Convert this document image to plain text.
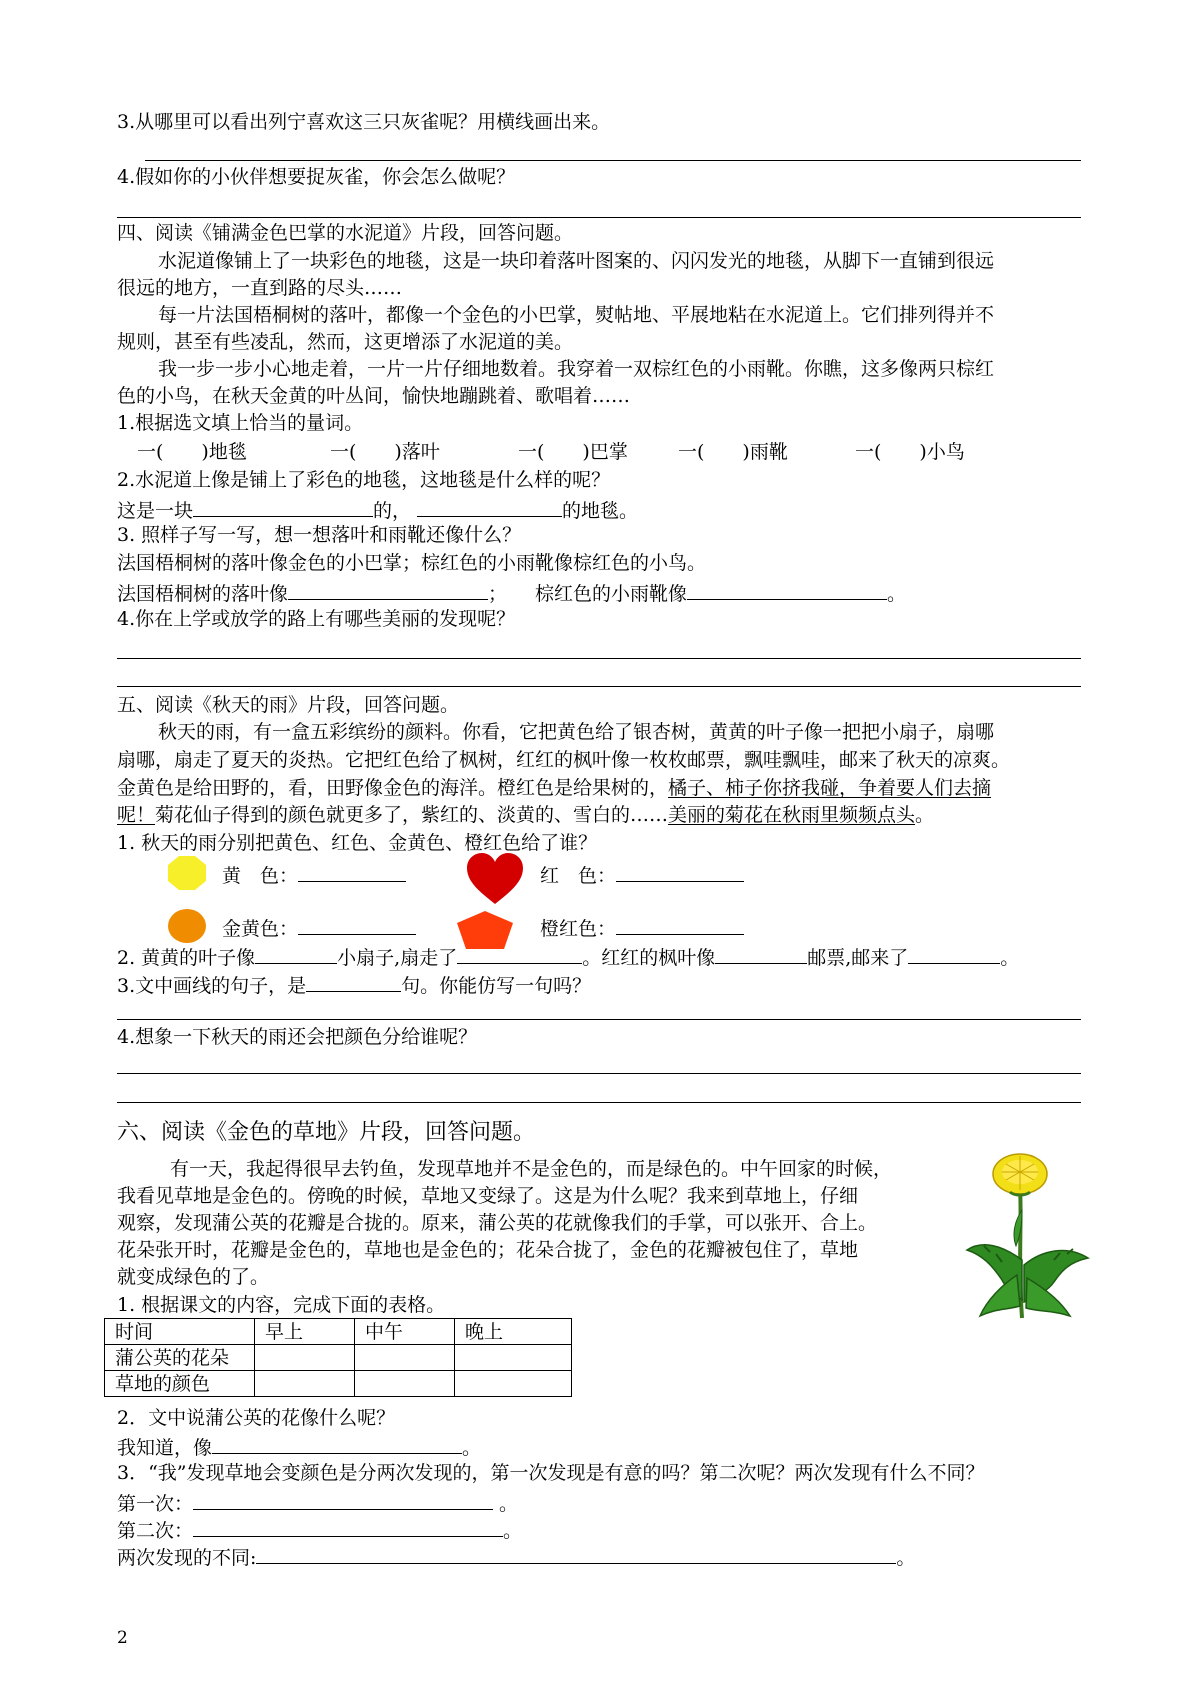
3.从哪里可以看出列宁喜欢这三只灰雀呢？用横线画出来。
4.假如你的小伙伴想要捉灰雀，你会怎么做呢？
四、阅读《铺满金色巴掌的水泥道》片段，回答问题。
水泥道像铺上了一块彩色的地毯，这是一块印着落叶图案的、闪闪发光的地毯，从脚下一直铺到很远
很远的地方，一直到路的尽头……
每一片法国梧桐树的落叶，都像一个金色的小巴掌，熨帖地、平展地粘在水泥道上。它们排列得并不
规则，甚至有些凌乱，然而，这更增添了水泥道的美。
我一步一步小心地走着，一片一片仔细地数着。我穿着一双棕红色的小雨靴。你瞧，这多像两只棕红
色的小鸟，在秋天金黄的叶丛间，愉快地蹦跳着、歌唱着……
1.根据选文填上恰当的量词。
一(　　)地毯	一(　　)落叶	一(　　)巴掌	一(　　)雨靴	一(　　)小鸟
2.水泥道上像是铺上了彩色的地毯，这地毯是什么样的呢？
这是一块	的，	的地毯。
3. 照样子写一写，想一想落叶和雨靴还像什么？
法国梧桐树的落叶像金色的小巴掌；棕红色的小雨靴像棕红色的小鸟。
法国梧桐树的落叶像	； 棕红色的小雨靴像	。
4.你在上学或放学的路上有哪些美丽的发现呢？
五、阅读《秋天的雨》片段，回答问题。
秋天的雨，有一盒五彩缤纷的颜料。你看，它把黄色给了银杏树，黄黄的叶子像一把把小扇子，扇哪
扇哪，扇走了夏天的炎热。它把红色给了枫树，红红的枫叶像一枚枚邮票，飘哇飘哇，邮来了秋天的凉爽。
金黄色是给田野的，看，田野像金色的海洋。橙红色是给果树的，橘子、柿子你挤我碰，争着要人们去摘
呢！菊花仙子得到的颜色就更多了，紫红的、淡黄的、雪白的……美丽的菊花在秋雨里频频点头。
1. 秋天的雨分别把黄色、红色、金黄色、橙红色给了谁？
黄　色：	红　色：
金黄色：	橙红色：
2. 黄黄的叶子像	小扇子,扇走了	。红红的枫叶像	邮票,邮来了	。
3.文中画线的句子，是	句。你能仿写一句吗？
4.想象一下秋天的雨还会把颜色分给谁呢？
六、阅读《金色的草地》片段，回答问题。
有一天，我起得很早去钓鱼，发现草地并不是金色的，而是绿色的。中午回家的时候，
我看见草地是金色的。傍晚的时候，草地又变绿了。这是为什么呢？我来到草地上，仔细
观察，发现蒲公英的花瓣是合拢的。原来，蒲公英的花就像我们的手掌，可以张开、合上。
花朵张开时，花瓣是金色的，草地也是金色的；花朵合拢了，金色的花瓣被包住了，草地
就变成绿色的了。
1. 根据课文的内容，完成下面的表格。
时间	早上	中午	晚上
蒲公英的花朵			
草地的颜色			
2．文中说蒲公英的花像什么呢？
我知道，像	。
3．“我”发现草地会变颜色是分两次发现的，第一次发现是有意的吗？第二次呢？两次发现有什么不同？
第一次：	。
第二次：	。
两次发现的不同:	。
2
